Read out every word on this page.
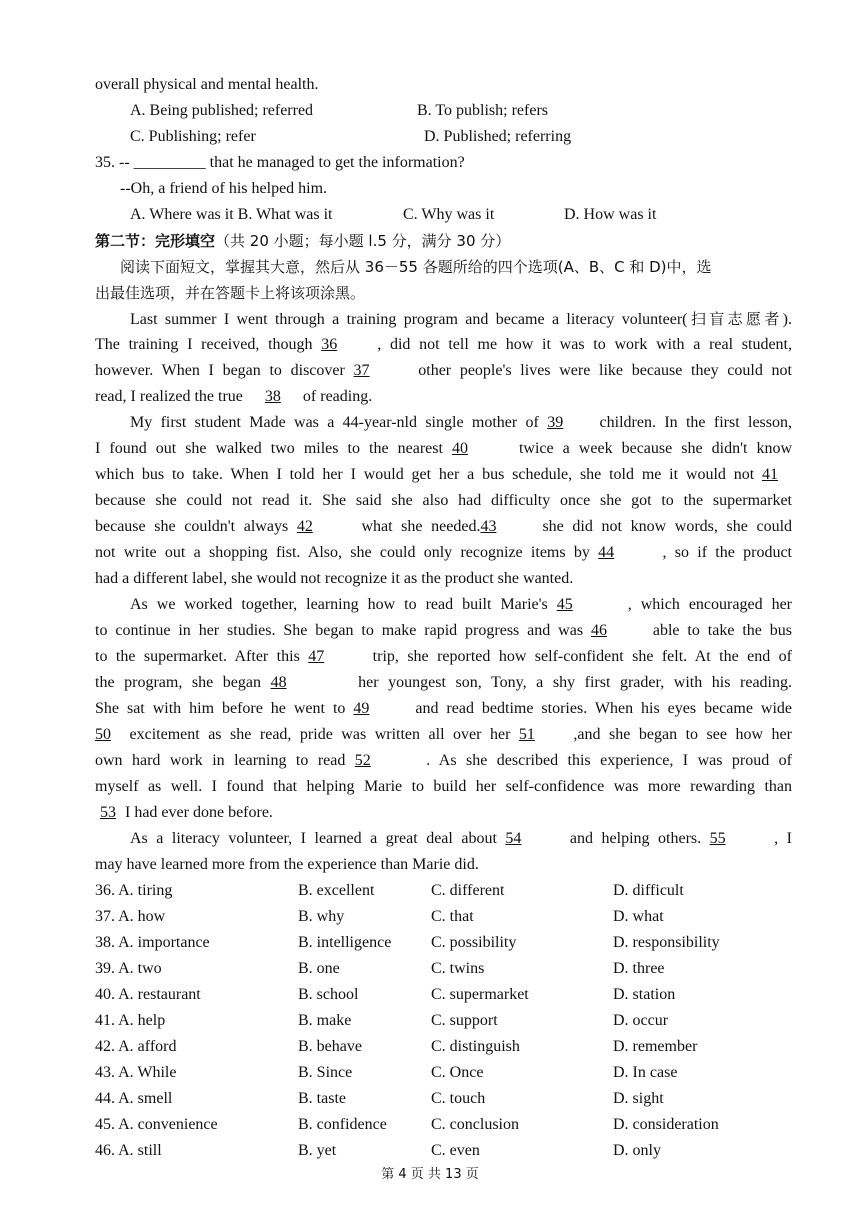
overall physical and mental health.
A. Being published; referred	B. To publish; refers
C. Publishing; refer	D. Published; referring
35. -- _________ that he managed to get the information?
--Oh, a friend of his helped him.
A. Where was it B. What was it	C. Why was it	D. How was it
第二节：完形填空（共 20 小题；每小题 l.5 分，满分 30 分）
阅读下面短文，掌握其大意，然后从 36－55 各题所给的四个选项(A、B、C 和 D)中，选
出最佳选项，并在答题卡上将该项涂黑。
Last summer I went through a training program and became a literacy volunteer(扫盲志愿者).
The training I received, though 36	, did not tell me how it was to work with a real student,
however. When I began to discover 37	other people's lives were like because they could not
read, I realized the true 38 of reading.
My first student Made was a 44-year-nld single mother of 39 children. In the first lesson,
I found out she walked two miles to the nearest 40	twice a week because she didn't know
which bus to take. When I told her I would get her a bus schedule, she told me it would not 41
because she could not read it. She said she also had difficulty once she got to the supermarket
because she couldn't always 42	what she needed.43	she did not know words, she could
not write out a shopping fist. Also, she could only recognize items by 44	, so if the product
had a different label, she would not recognize it as the product she wanted.
As we worked together, learning how to read built Marie's 45	, which encouraged her
to continue in her studies. She began to make rapid progress and was 46 able to take the bus
to the supermarket. After this 47	trip, she reported how self-confident she felt. At the end of
the program, she began 48	her youngest son, Tony, a shy first grader, with his reading.
She sat with him before he went to 49 and read bedtime stories. When his eyes became wide
50 excitement as she read, pride was written all over her 51 ,and she began to see how her
own hard work in learning to read 52	. As she described this experience, I was proud of
myself as well. I found that helping Marie to build her self-confidence was more rewarding than
53 I had ever done before.
As a literacy volunteer, I learned a great deal about 54	and helping others. 55	, I
may have learned more from the experience than Marie did.
36. A. tiring	B. excellent	C. different	D. difficult
37. A. how	B. why	C. that	D. what
38. A. importance	B. intelligence C. possibility	D. responsibility
39. A. two	B. one	C. twins	D. three
40. A. restaurant	B. school	C. supermarket	D. station
41. A. help	B. make	C. support	D. occur
42. A. afford	B. behave	C. distinguish	D. remember
43. A. While	B. Since	C. Once	D. In case
44. A. smell	B. taste	C. touch	D. sight
45. A. convenience	B. confidence	C. conclusion	D. consideration
46. A. still	B. yet	C. even	D. only
第 4 页 共 13 页
